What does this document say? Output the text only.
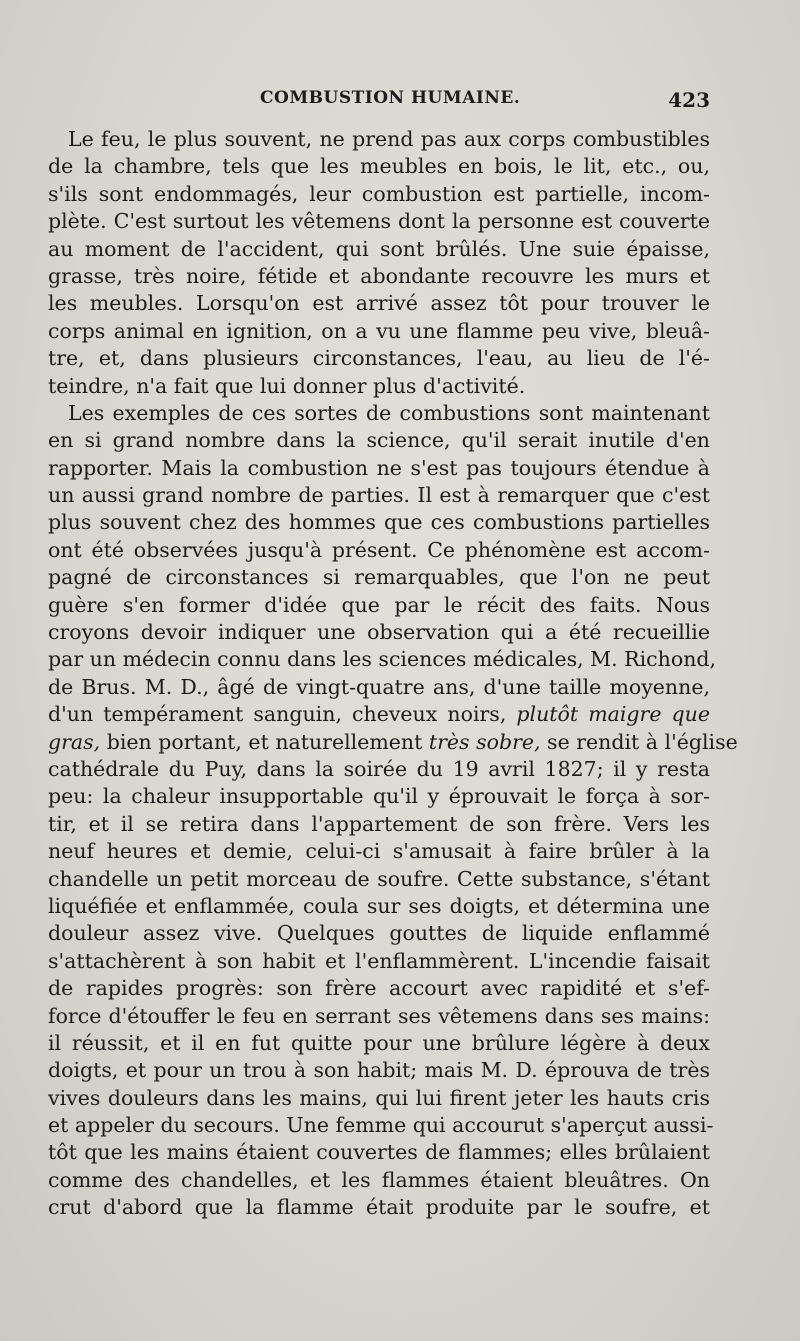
COMBUSTION HUMAINE.	423
Le feu, le plus souvent, ne prend pas aux corps combustibles
de la chambre, tels que les meubles en bois, le lit, etc., ou,
s'ils sont endommagés, leur combustion est partielle, incom-
plète. C'est surtout les vêtemens dont la personne est couverte
au moment de l'accident, qui sont brûlés. Une suie épaisse,
grasse, très noire, fétide et abondante recouvre les murs et
les meubles. Lorsqu'on est arrivé assez tôt pour trouver le
corps animal en ignition, on a vu une flamme peu vive, bleuâ-
tre, et, dans plusieurs circonstances, l'eau, au lieu de l'é-
teindre, n'a fait que lui donner plus d'activité.
Les exemples de ces sortes de combustions sont maintenant
en si grand nombre dans la science, qu'il serait inutile d'en
rapporter. Mais la combustion ne s'est pas toujours étendue à
un aussi grand nombre de parties. Il est à remarquer que c'est
plus souvent chez des hommes que ces combustions partielles
ont été observées jusqu'à présent. Ce phénomène est accom-
pagné de circonstances si remarquables, que l'on ne peut
guère s'en former d'idée que par le récit des faits. Nous
croyons devoir indiquer une observation qui a été recueillie
par un médecin connu dans les sciences médicales, M. Richond,
de Brus. M. D., âgé de vingt-quatre ans, d'une taille moyenne,
d'un tempérament sanguin, cheveux noirs, plutôt maigre que
gras, bien portant, et naturellement très sobre, se rendit à l'église
cathédrale du Puy, dans la soirée du 19 avril 1827; il y resta
peu: la chaleur insupportable qu'il y éprouvait le força à sor-
tir, et il se retira dans l'appartement de son frère. Vers les
neuf heures et demie, celui-ci s'amusait à faire brûler à la
chandelle un petit morceau de soufre. Cette substance, s'étant
liquéfiée et enflammée, coula sur ses doigts, et détermina une
douleur assez vive. Quelques gouttes de liquide enflammé
s'attachèrent à son habit et l'enflammèrent. L'incendie faisait
de rapides progrès: son frère accourt avec rapidité et s'ef-
force d'étouffer le feu en serrant ses vêtemens dans ses mains:
il réussit, et il en fut quitte pour une brûlure légère à deux
doigts, et pour un trou à son habit; mais M. D. éprouva de très
vives douleurs dans les mains, qui lui firent jeter les hauts cris
et appeler du secours. Une femme qui accourut s'aperçut aussi-
tôt que les mains étaient couvertes de flammes; elles brûlaient
comme des chandelles, et les flammes étaient bleuâtres. On
crut d'abord que la flamme était produite par le soufre, et
